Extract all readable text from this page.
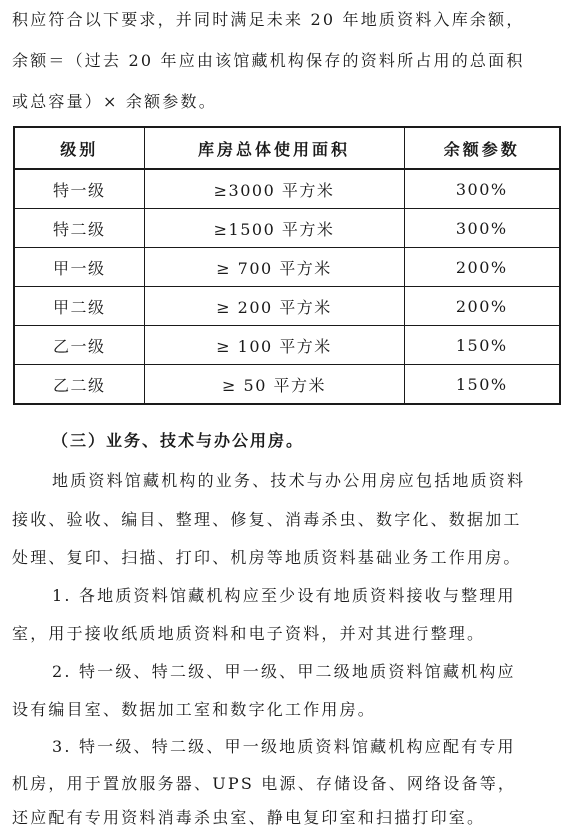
积应符合以下要求，并同时满足未来 20 年地质资料入库余额，
余额＝（过去 20 年应由该馆藏机构保存的资料所占用的总面积
或总容量）× 余额参数。
级别	库房总体使用面积	余额参数
特一级	≥3000 平方米	300%
特二级	≥1500 平方米	300%
甲一级	≥ 700 平方米	200%
甲二级	≥ 200 平方米	200%
乙一级	≥ 100 平方米	150%
乙二级	≥ 50 平方米	150%
（三）业务、技术与办公用房。
地质资料馆藏机构的业务、技术与办公用房应包括地质资料
接收、验收、编目、整理、修复、消毒杀虫、数字化、数据加工
处理、复印、扫描、打印、机房等地质资料基础业务工作用房。
1. 各地质资料馆藏机构应至少设有地质资料接收与整理用
室，用于接收纸质地质资料和电子资料，并对其进行整理。
2. 特一级、特二级、甲一级、甲二级地质资料馆藏机构应
设有编目室、数据加工室和数字化工作用房。
3. 特一级、特二级、甲一级地质资料馆藏机构应配有专用
机房，用于置放服务器、UPS 电源、存储设备、网络设备等，
还应配有专用资料消毒杀虫室、静电复印室和扫描打印室。
